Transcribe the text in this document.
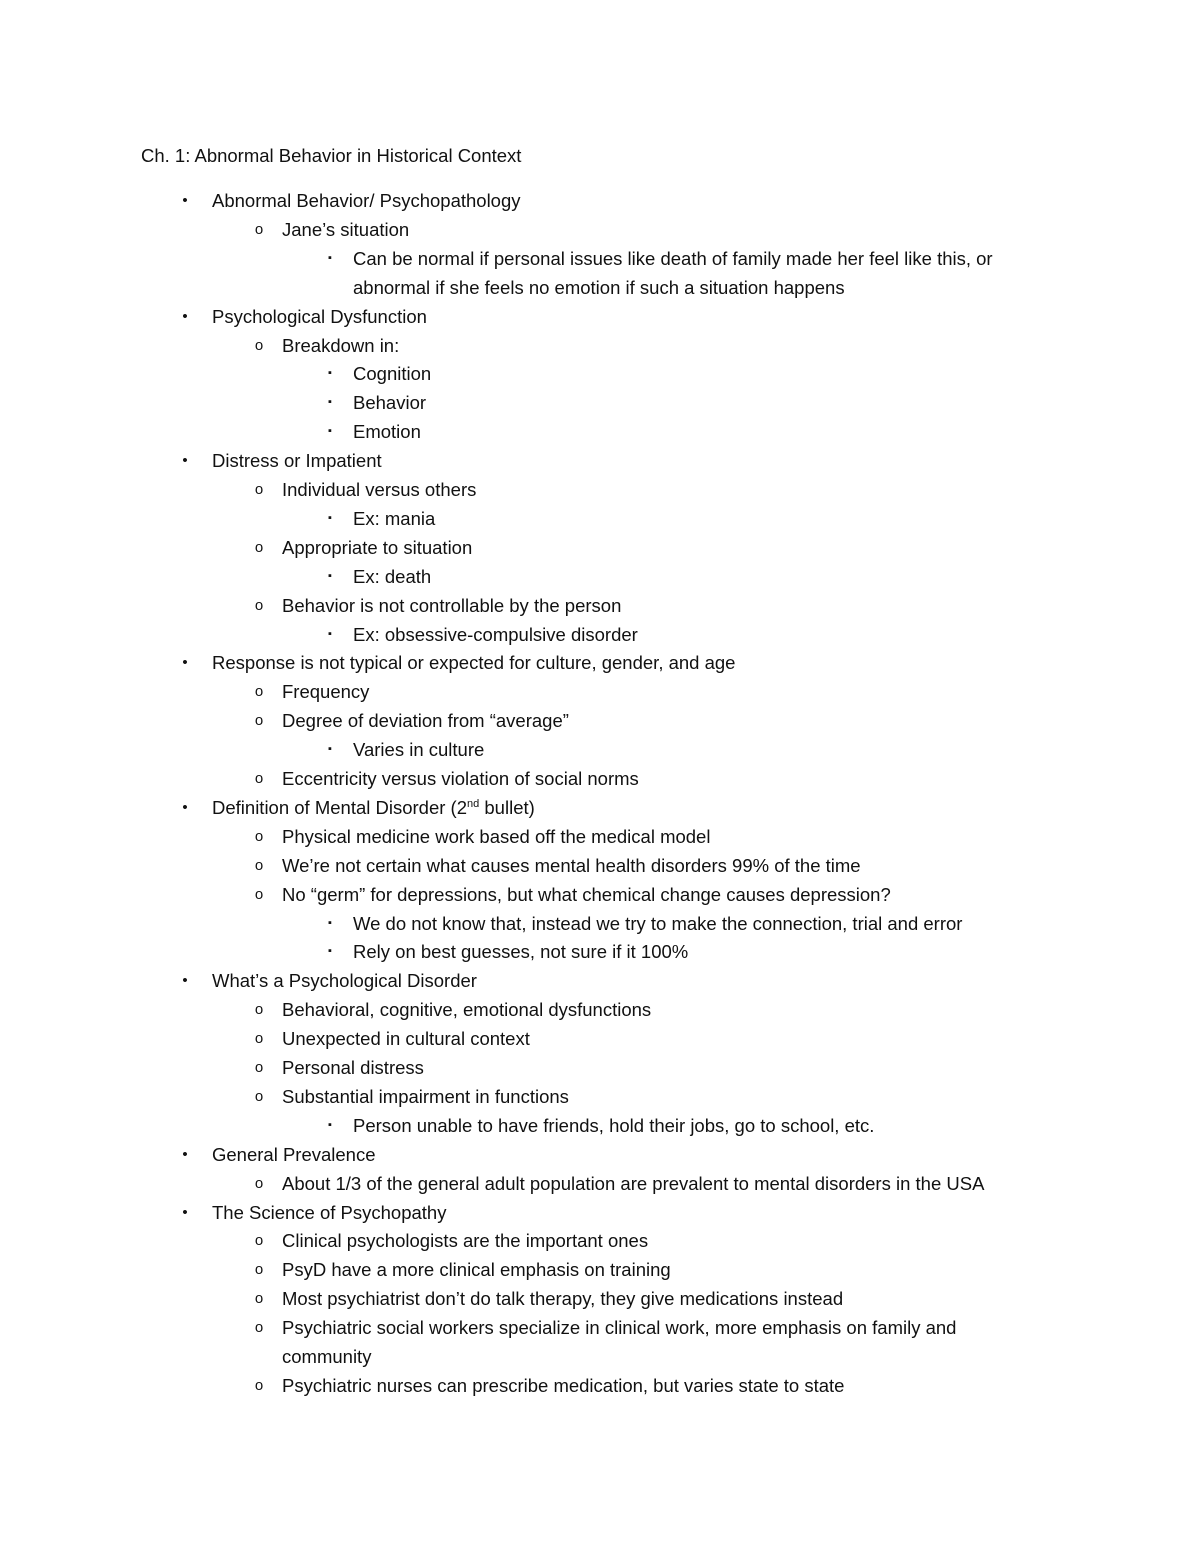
Ch. 1: Abnormal Behavior in Historical Context
•	Abnormal Behavior/ Psychopathology
o	Jane’s situation
▪	Can be normal if personal issues like death of family made her feel like this, or
abnormal if she feels no emotion if such a situation happens
•	Psychological Dysfunction
o	Breakdown in:
▪	Cognition
▪	Behavior
▪	Emotion
•	Distress or Impatient
o	Individual versus others
▪	Ex: mania
o	Appropriate to situation
▪	Ex: death
o	Behavior is not controllable by the person
▪	Ex: obsessive-compulsive disorder
•	Response is not typical or expected for culture, gender, and age
o	Frequency
o	Degree of deviation from “average”
▪	Varies in culture
o	Eccentricity versus violation of social norms
•	Definition of Mental Disorder (2nd bullet)
o	Physical medicine work based off the medical model
o	We’re not certain what causes mental health disorders 99% of the time
o	No “germ” for depressions, but what chemical change causes depression?
▪	We do not know that, instead we try to make the connection, trial and error
▪	Rely on best guesses, not sure if it 100%
•	What’s a Psychological Disorder
o	Behavioral, cognitive, emotional dysfunctions
o	Unexpected in cultural context
o	Personal distress
o	Substantial impairment in functions
▪	Person unable to have friends, hold their jobs, go to school, etc.
•	General Prevalence
o	About 1/3 of the general adult population are prevalent to mental disorders in the USA
•	The Science of Psychopathy
o	Clinical psychologists are the important ones
o	PsyD have a more clinical emphasis on training
o	Most psychiatrist don’t do talk therapy, they give medications instead
o	Psychiatric social workers specialize in clinical work, more emphasis on family and
community
o	Psychiatric nurses can prescribe medication, but varies state to state
